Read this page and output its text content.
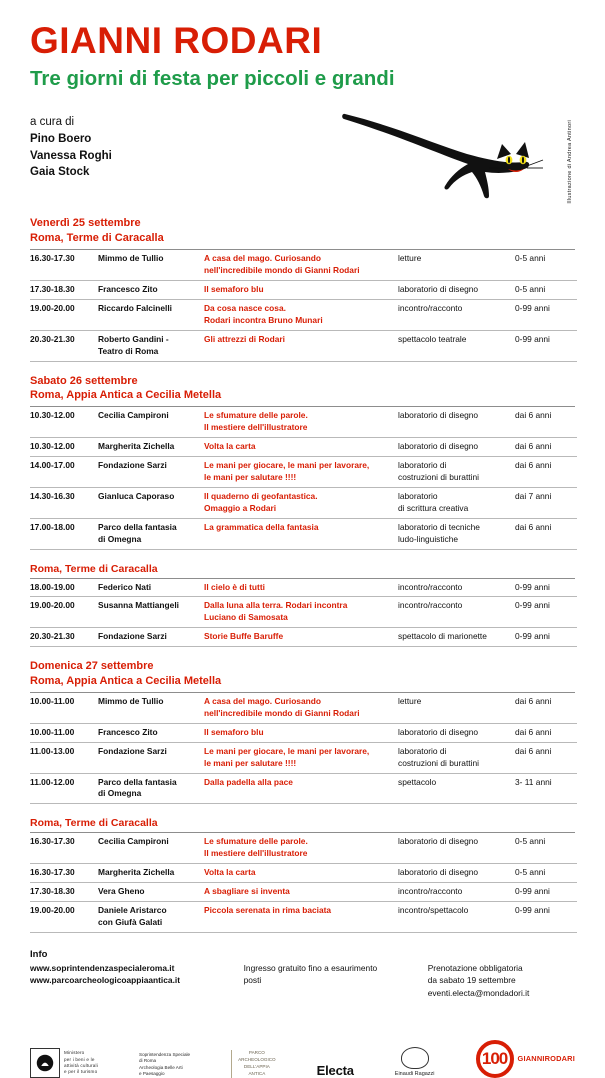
GIANNI RODARI
Tre giorni di festa per piccoli e grandi
a cura di
Pino Boero
Vanessa Roghi
Gaia Stock	Illustrazione di Andrea Antinori
Venerdì 25 settembre
Roma, Terme di Caracalla
16.30-17.30	Mimmo de Tullio	A casa del mago. Curiosando
nell'incredibile mondo di Gianni Rodari	letture	0-5 anni
17.30-18.30	Francesco Zito	Il semaforo blu	laboratorio di disegno	0-5 anni
19.00-20.00	Riccardo Falcinelli	Da cosa nasce cosa.
Rodari incontra Bruno Munari	incontro/racconto	0-99 anni
20.30-21.30	Roberto Gandini -
Teatro di Roma	Gli attrezzi di Rodari	spettacolo teatrale	0-99 anni
Sabato 26 settembre
Roma, Appia Antica a Cecilia Metella
10.30-12.00	Cecilia Campironi	Le sfumature delle parole.
Il mestiere dell'illustratore	laboratorio di disegno	dai 6 anni
10.30-12.00	Margherita Zichella	Volta la carta	laboratorio di disegno	dai 6 anni
14.00-17.00	Fondazione Sarzi	Le mani per giocare, le mani per lavorare,
le mani per salutare !!!!	laboratorio di
costruzioni di burattini	dai 6 anni
14.30-16.30	Gianluca Caporaso	Il quaderno di geofantastica.
Omaggio a Rodari	laboratorio
di scrittura creativa	dai 7 anni
17.00-18.00	Parco della fantasia
di Omegna	La grammatica della fantasia	laboratorio di tecniche
ludo-linguistiche	dai 6 anni
Roma, Terme di Caracalla
18.00-19.00	Federico Nati	Il cielo è di tutti	incontro/racconto	0-99 anni
19.00-20.00	Susanna Mattiangeli	Dalla luna alla terra. Rodari incontra
Luciano di Samosata	incontro/racconto	0-99 anni
20.30-21.30	Fondazione Sarzi	Storie Buffe Baruffe	spettacolo di marionette	0-99 anni
Domenica 27 settembre
Roma, Appia Antica a Cecilia Metella
10.00-11.00	Mimmo de Tullio	A casa del mago. Curiosando
nell'incredibile mondo di Gianni Rodari	letture	dai 6 anni
10.00-11.00	Francesco Zito	Il semaforo blu	laboratorio di disegno	dai 6 anni
11.00-13.00	Fondazione Sarzi	Le mani per giocare, le mani per lavorare,
le mani per salutare !!!!	laboratorio di
costruzioni di burattini	dai 6 anni
11.00-12.00	Parco della fantasia
di Omegna	Dalla padella alla pace	spettacolo	3- 11 anni
Roma, Terme di Caracalla
16.30-17.30	Cecilia Campironi	Le sfumature delle parole.
Il mestiere dell'illustratore	laboratorio di disegno	0-5 anni
16.30-17.30	Margherita Zichella	Volta la carta	laboratorio di disegno	0-5 anni
17.30-18.30	Vera Gheno	A sbagliare si inventa	incontro/racconto	0-99 anni
19.00-20.00	Daniele Aristarco
con Giufà Galati	Piccola serenata in rima baciata	incontro/spettacolo	0-99 anni
Info
www.soprintendenzaspecialeroma.it
www.parcoarcheologicoappiaantica.it
Ingresso gratuito fino a esaurimento
posti
Prenotazione obbligatoria
da sabato 19 settembre
eventi.electa@mondadori.it
Ministero
per i beni e le
attività culturali
e per il turismo
Soprintendenza Speciale
di Roma
Archeologia Belle Arti
e Paesaggio
PARCO
ARCHEOLOGICO
DELL'APPIA
ANTICA	Electa	Einaudi Ragazzi
100 GIANNIRODARI
